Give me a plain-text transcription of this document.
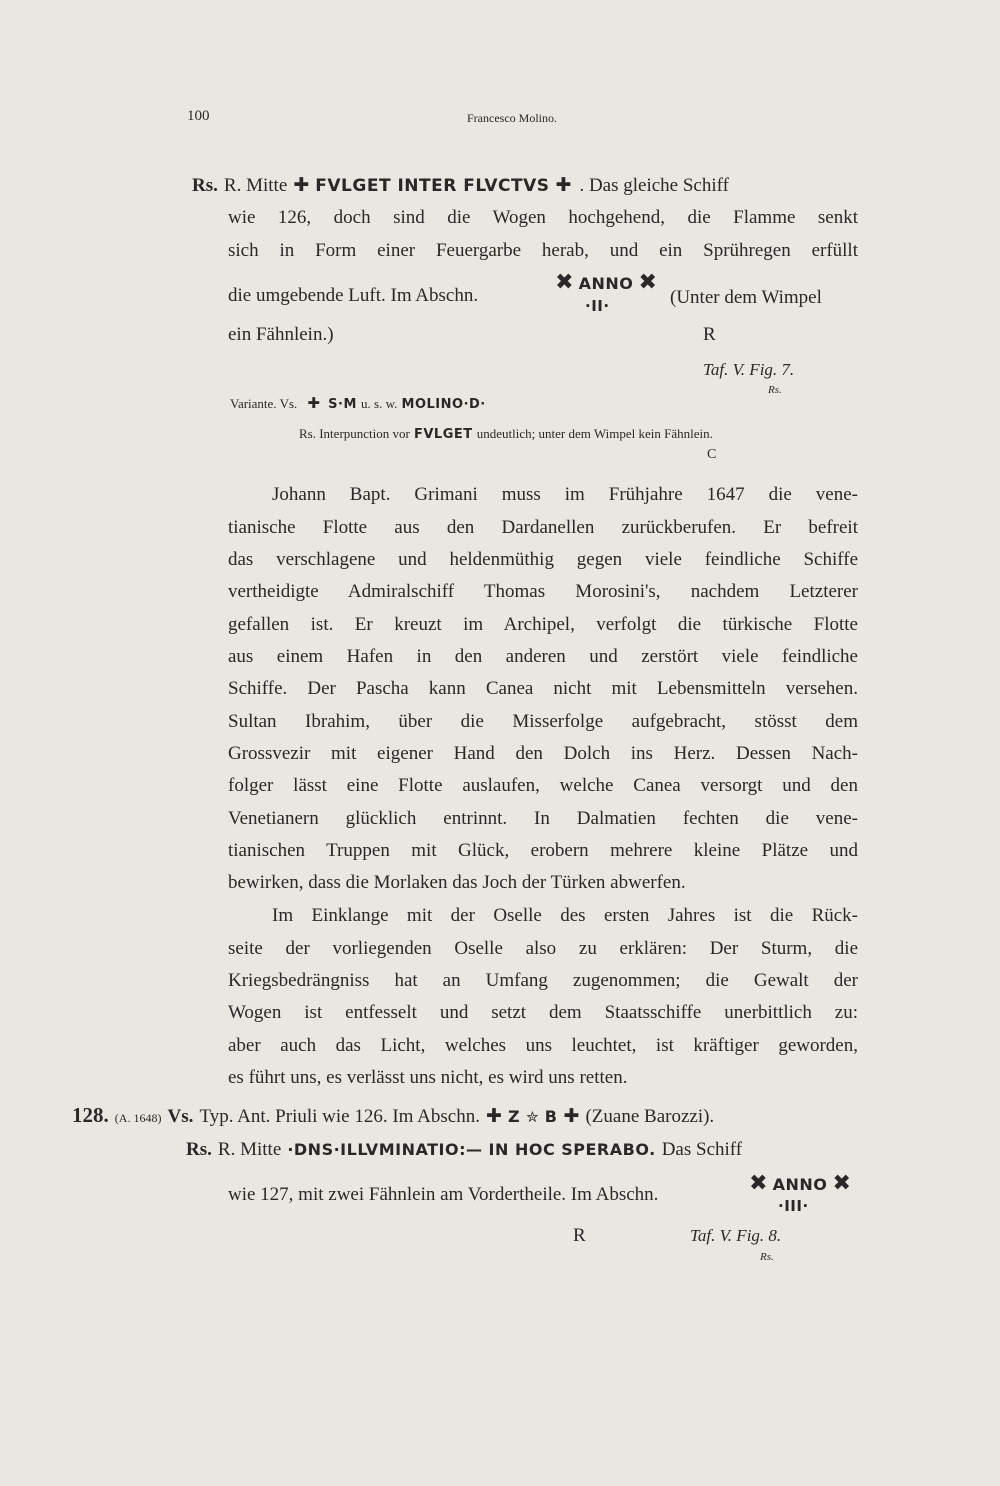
100	Francesco Molino.
Rs. R. Mitte ✚ FVLGET INTER FLVCTVS ✚ . Das gleiche Schiff
wie 126, doch sind die Wogen hochgehend, die Flamme senkt
sich in Form einer Feuergarbe herab, und ein Sprühregen erfüllt
die umgebende Luft. Im Abschn.
✖ ANNO ✖
·II·	(Unter dem Wimpel
ein Fähnlein.)	R
Taf. V. Fig. 7.
Rs.
Variante. Vs. ✚ S·M u. s. w. MOLINO·D·
Rs. Interpunction vor FVLGET undeutlich; unter dem Wimpel kein Fähnlein.
C
Johann Bapt. Grimani muss im Frühjahre 1647 die vene-
tianische Flotte aus den Dardanellen zurückberufen. Er befreit
das verschlagene und heldenmüthig gegen viele feindliche Schiffe
vertheidigte Admiralschiff Thomas Morosini's, nachdem Letzterer
gefallen ist. Er kreuzt im Archipel, verfolgt die türkische Flotte
aus einem Hafen in den anderen und zerstört viele feindliche
Schiffe. Der Pascha kann Canea nicht mit Lebensmitteln versehen.
Sultan Ibrahim, über die Misserfolge aufgebracht, stösst dem
Grossvezir mit eigener Hand den Dolch ins Herz. Dessen Nach-
folger lässt eine Flotte auslaufen, welche Canea versorgt und den
Venetianern glücklich entrinnt. In Dalmatien fechten die vene-
tianischen Truppen mit Glück, erobern mehrere kleine Plätze und
bewirken, dass die Morlaken das Joch der Türken abwerfen.
Im Einklange mit der Oselle des ersten Jahres ist die Rück-
seite der vorliegenden Oselle also zu erklären: Der Sturm, die
Kriegsbedrängniss hat an Umfang zugenommen; die Gewalt der
Wogen ist entfesselt und setzt dem Staatsschiffe unerbittlich zu:
aber auch das Licht, welches uns leuchtet, ist kräftiger geworden,
es führt uns, es verlässt uns nicht, es wird uns retten.
128. (A. 1648) Vs. Typ. Ant. Priuli wie 126. Im Abschn. ✚ Z ✮ B ✚ (Zuane Barozzi).
Rs. R. Mitte ·DNS·ILLVMINATIO:— IN HOC SPERABO. Das Schiff
wie 127, mit zwei Fähnlein am Vordertheile. Im Abschn.	✖ ANNO ✖
·III·
R	Taf. V. Fig. 8.
Rs.
